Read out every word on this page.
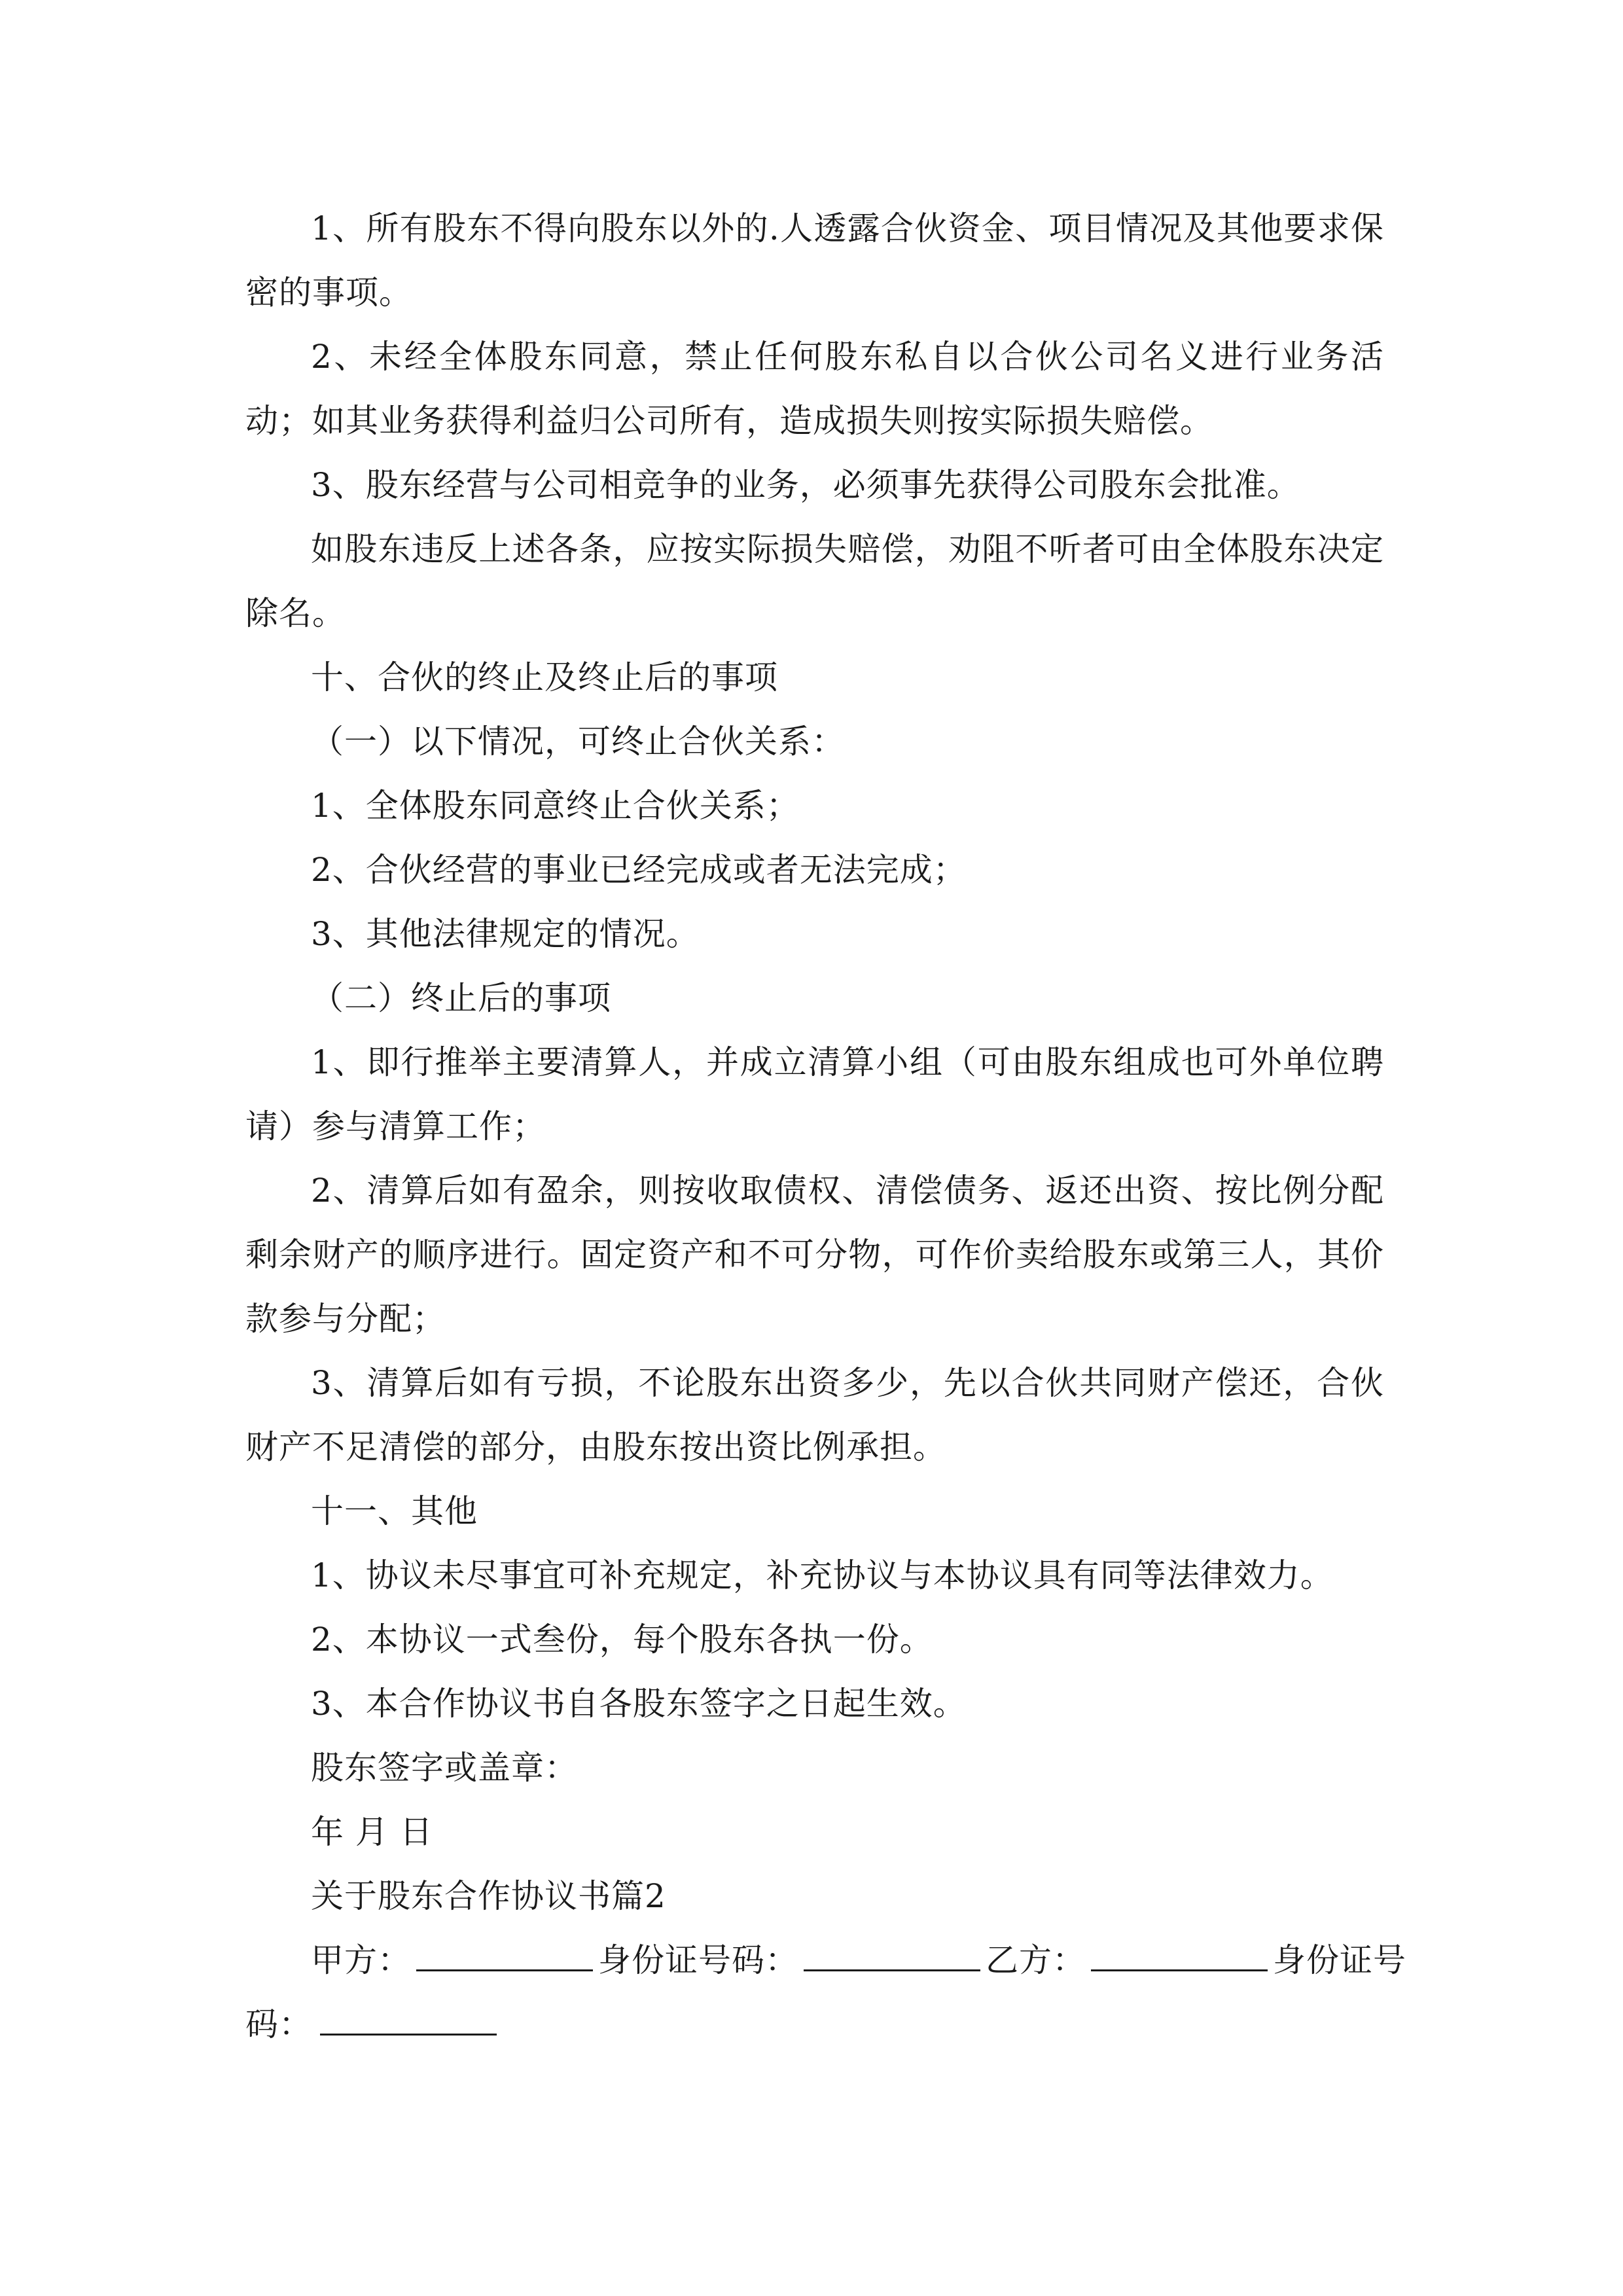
1、所有股东不得向股东以外的.人透露合伙资金、项目情况及其他要求保密的事项。

2、未经全体股东同意，禁止任何股东私自以合伙公司名义进行业务活动；如其业务获得利益归公司所有，造成损失则按实际损失赔偿。

3、股东经营与公司相竞争的业务，必须事先获得公司股东会批准。

如股东违反上述各条，应按实际损失赔偿，劝阻不听者可由全体股东决定除名。

十、合伙的终止及终止后的事项

（一）以下情况，可终止合伙关系：

1、全体股东同意终止合伙关系；

2、合伙经营的事业已经完成或者无法完成；

3、其他法律规定的情况。

（二）终止后的事项

1、即行推举主要清算人，并成立清算小组（可由股东组成也可外单位聘请）参与清算工作；

2、清算后如有盈余，则按收取债权、清偿债务、返还出资、按比例分配剩余财产的顺序进行。固定资产和不可分物，可作价卖给股东或第三人，其价款参与分配；

3、清算后如有亏损，不论股东出资多少，先以合伙共同财产偿还，合伙财产不足清偿的部分，由股东按出资比例承担。

十一、其他

1、协议未尽事宜可补充规定，补充协议与本协议具有同等法律效力。

2、本协议一式叁份，每个股东各执一份。

3、本合作协议书自各股东签字之日起生效。

股东签字或盖章：

年 月 日

关于股东合作协议书篇2

甲方：	身份证号码：	乙方：	身份证号

码：
